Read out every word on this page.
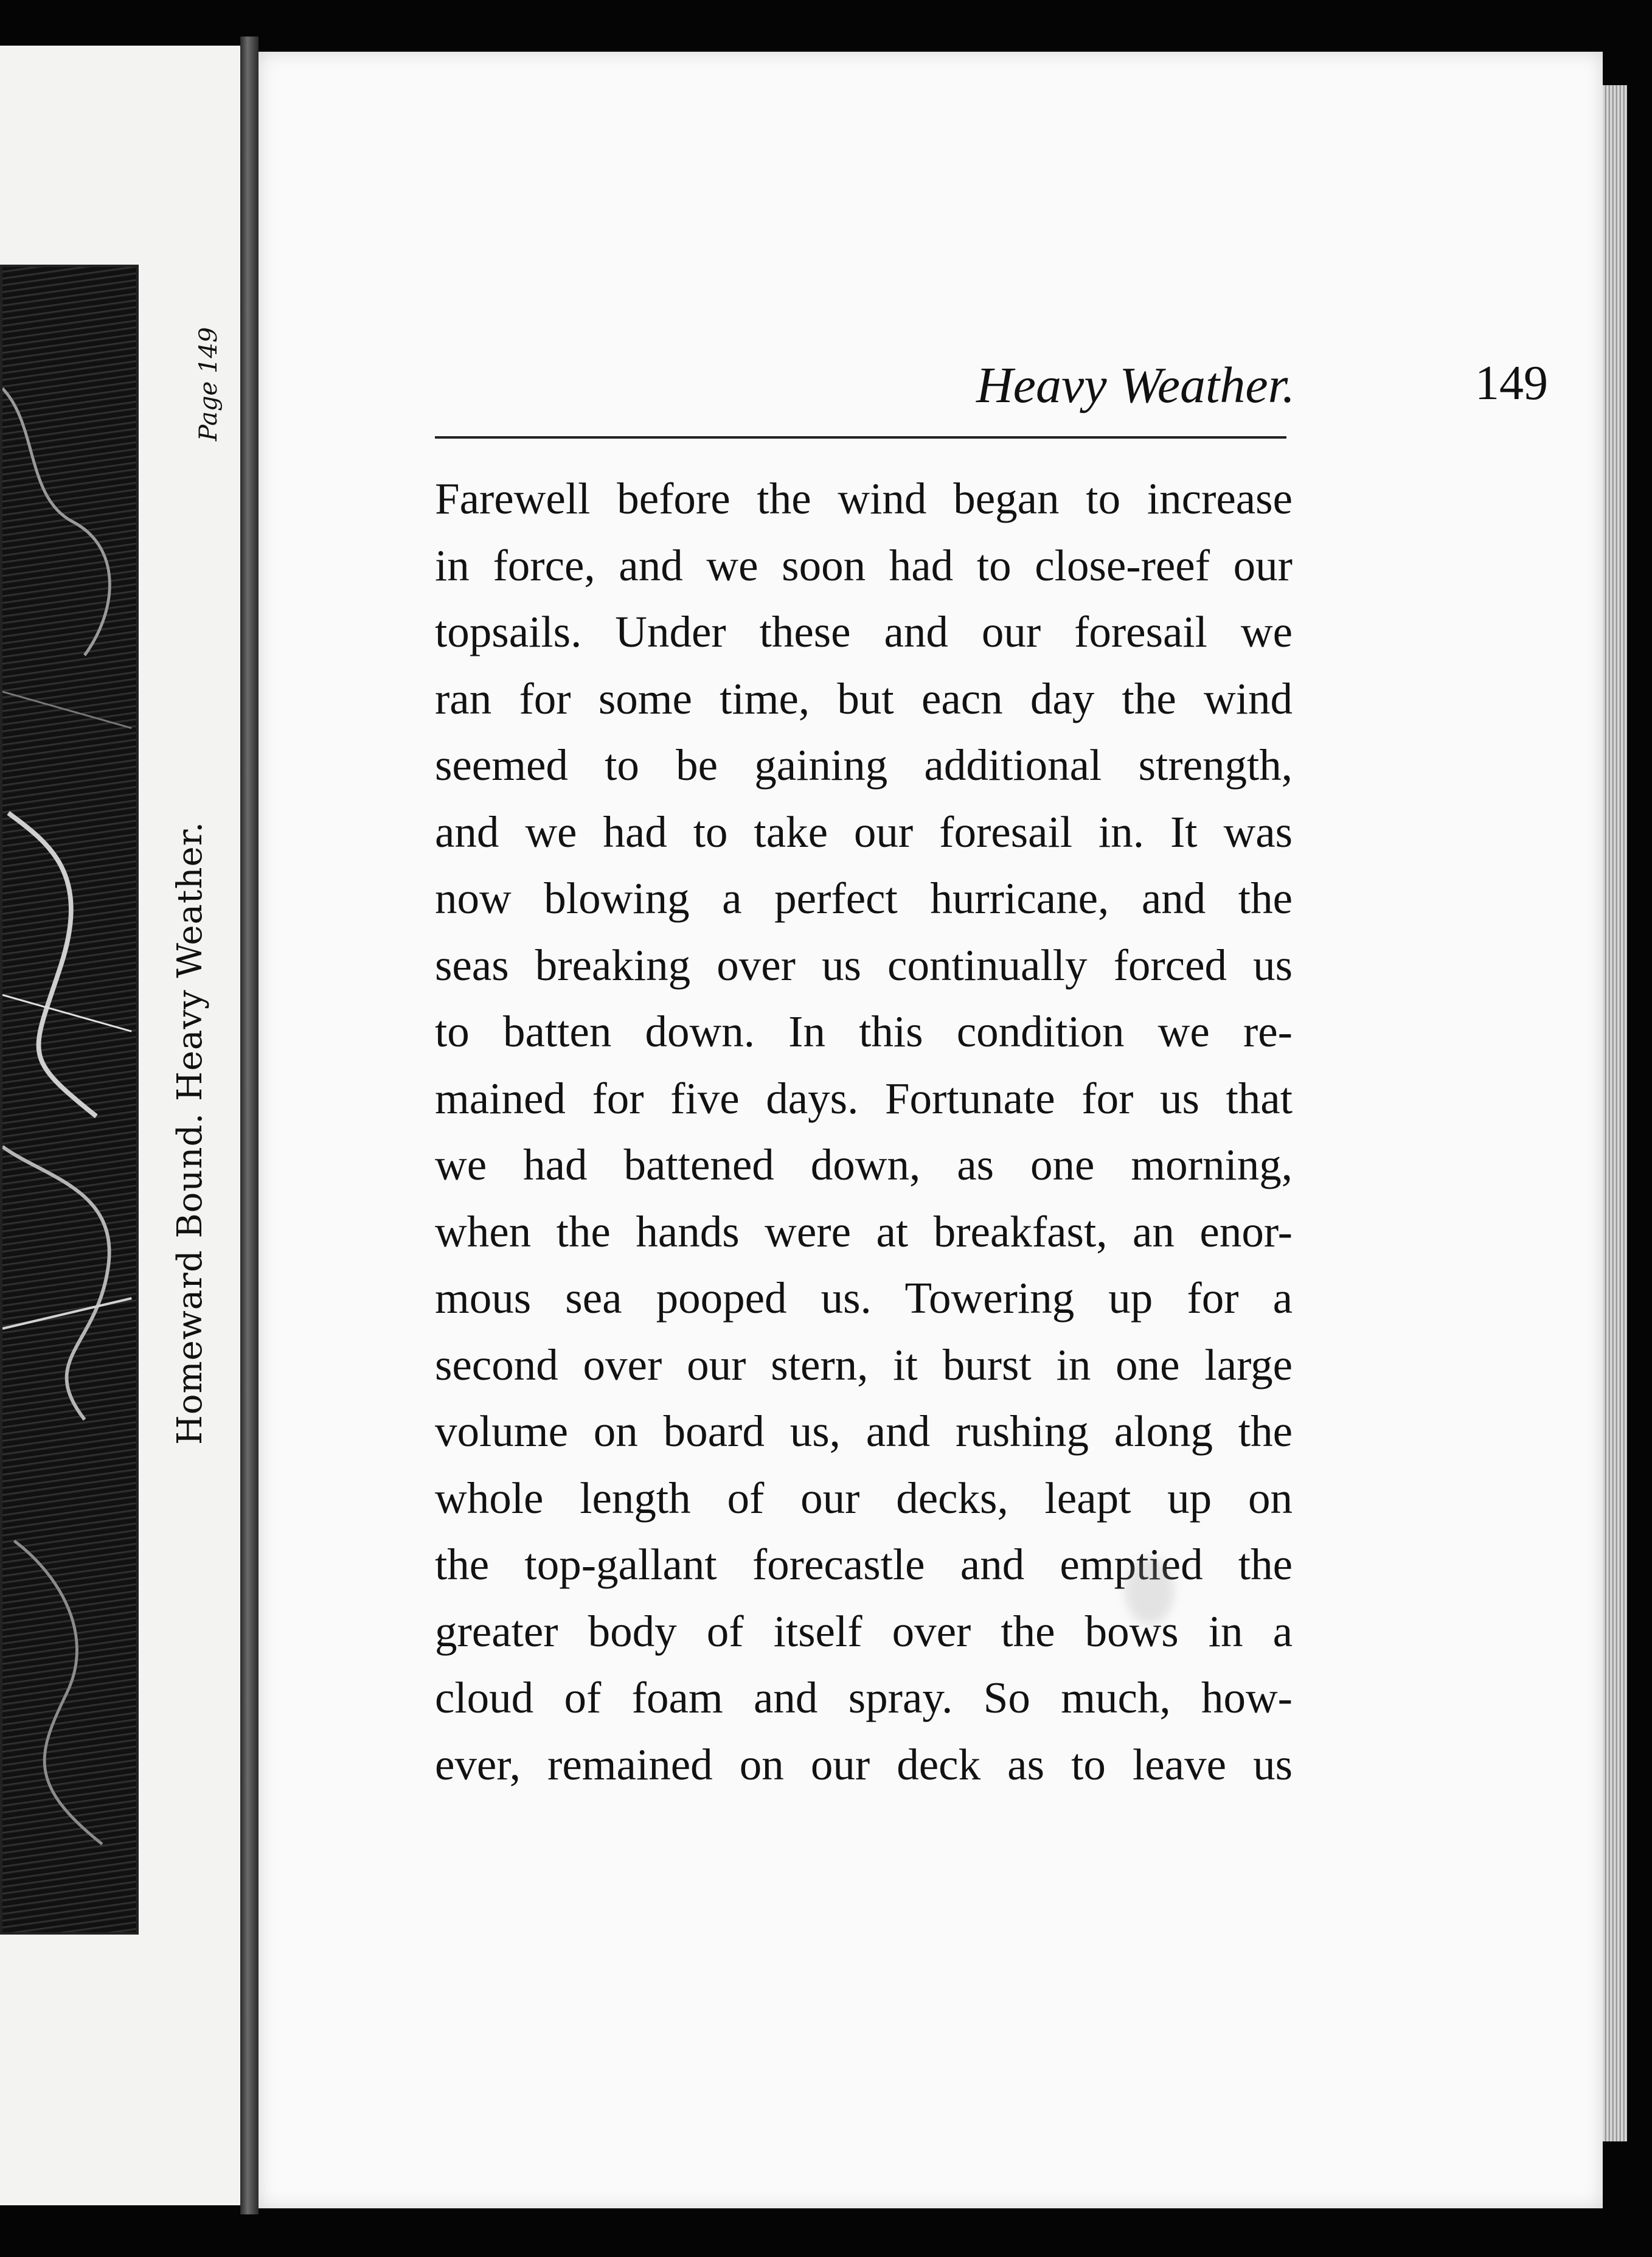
Homeward Bound. Heavy Weather.
Page 149	Heavy Weather.	149
Farewell before the wind began to increase
in force, and we soon had to close-reef our
topsails. Under these and our foresail we
ran for some time, but eacn day the wind
seemed to be gaining additional strength,
and we had to take our foresail in. It was
now blowing a perfect hurricane, and the
seas breaking over us continually forced us
to batten down. In this condition we re-
mained for five days. Fortunate for us that
we had battened down, as one morning,
when the hands were at breakfast, an enor-
mous sea pooped us. Towering up for a
second over our stern, it burst in one large
volume on board us, and rushing along the
whole length of our decks, leapt up on
the top-gallant forecastle and emptied the
greater body of itself over the bows in a
cloud of foam and spray. So much, how-
ever, remained on our deck as to leave us
